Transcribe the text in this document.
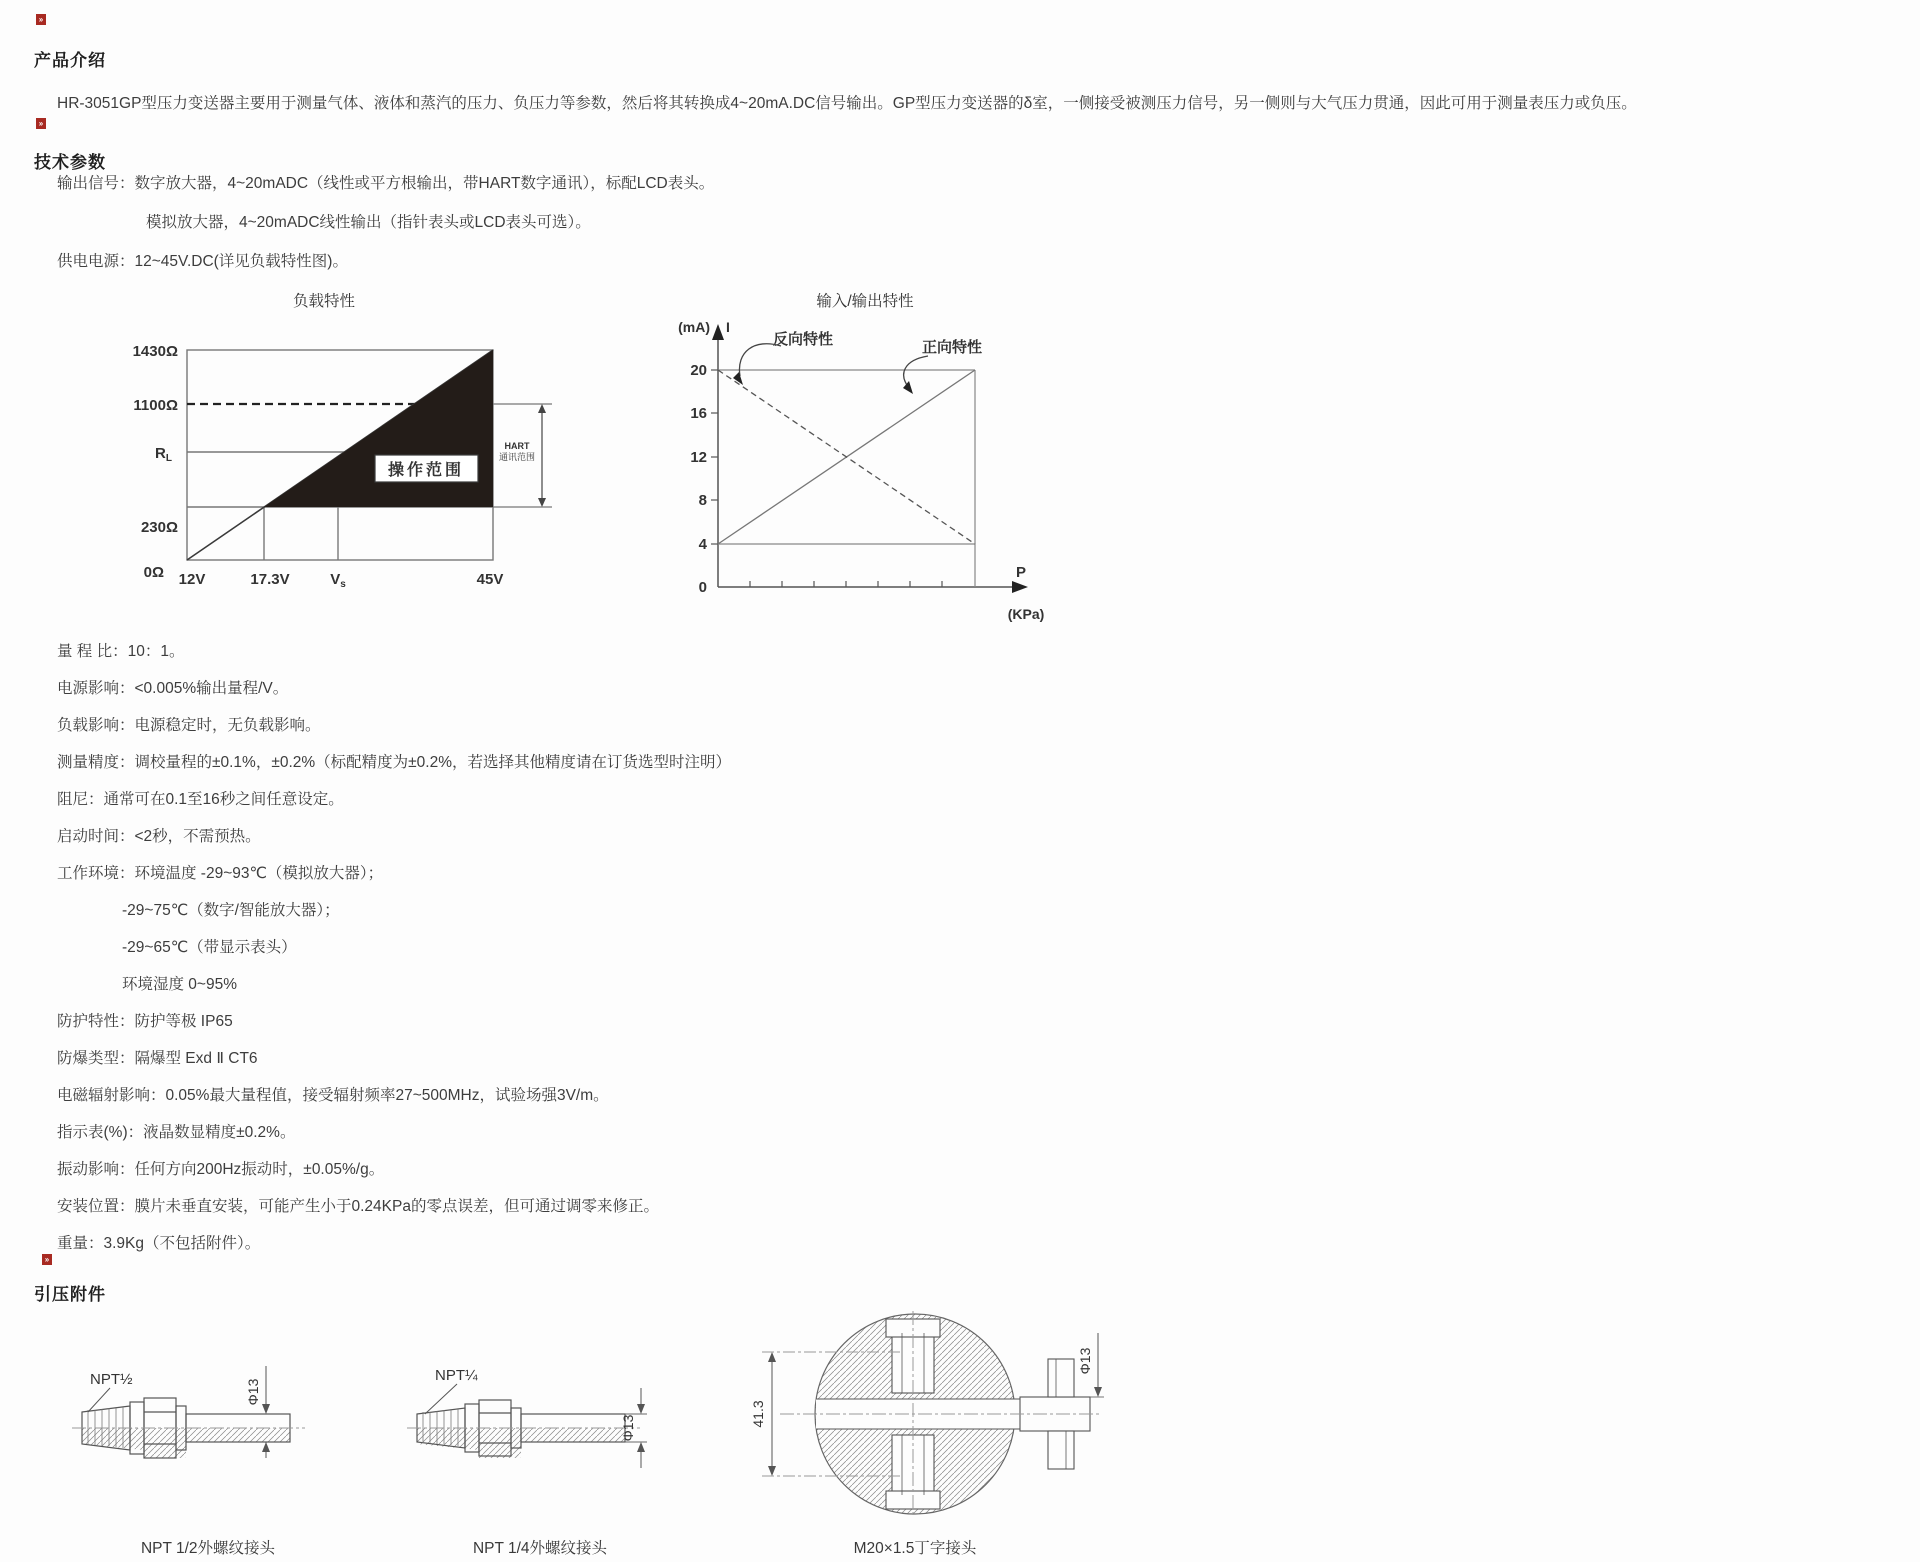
»
产品介绍
HR-3051GP型压力变送器主要用于测量气体、液体和蒸汽的压力、负压力等参数，然后将其转换成4~20mA.DC信号输出。GP型压力变送器的δ室，一侧接受被测压力信号，另一侧则与大气压力贯通，因此可用于测量表压力或负压。
»
技术参数
输出信号：数字放大器，4~20mADC（线性或平方根输出，带HART数字通讯），标配LCD表头。
模拟放大器，4~20mADC线性输出（指针表头或LCD表头可选）。
供电电源：12~45V.DC(详见负载特性图)。
负载特性
操作范围
1430Ω
1100Ω
$R_L$
230Ω
0Ω 12V	17.3V	$V_s$	45V
HART
通讯范围
输入/输出特性
(mA) I
20
16
12
8
4
0
反向特性	正向特性
P
(KPa)
量 程 比：10：1。
电源影响：<0.005%输出量程/V。
负载影响：电源稳定时，无负载影响。
测量精度：调校量程的±0.1%，±0.2%（标配精度为±0.2%，若选择其他精度请在订货选型时注明）
阻尼：通常可在0.1至16秒之间任意设定。
启动时间：<2秒，不需预热。
工作环境：环境温度 -29~93℃（模拟放大器）；
-29~75℃（数字/智能放大器）；
-29~65℃（带显示表头）
环境湿度 0~95%
防护特性：防护等极 IP65
防爆类型：隔爆型 Exd Ⅱ CT6
电磁辐射影响：0.05%最大量程值，接受辐射频率27~500MHz，试验场强3V/m。
指示表(%)：液晶数显精度±0.2%。
振动影响：任何方向200Hz振动时，±0.05%/g。
安装位置：膜片未垂直安装，可能产生小于0.24KPa的零点误差，但可通过调零来修正。
重量：3.9Kg（不包括附件）。
»
引压附件
NPT½	Φ13
NPT 1/2外螺纹接头
NPT¼
Φ13
NPT 1/4外螺纹接头
41.3
Φ13
M20×1.5丁字接头
